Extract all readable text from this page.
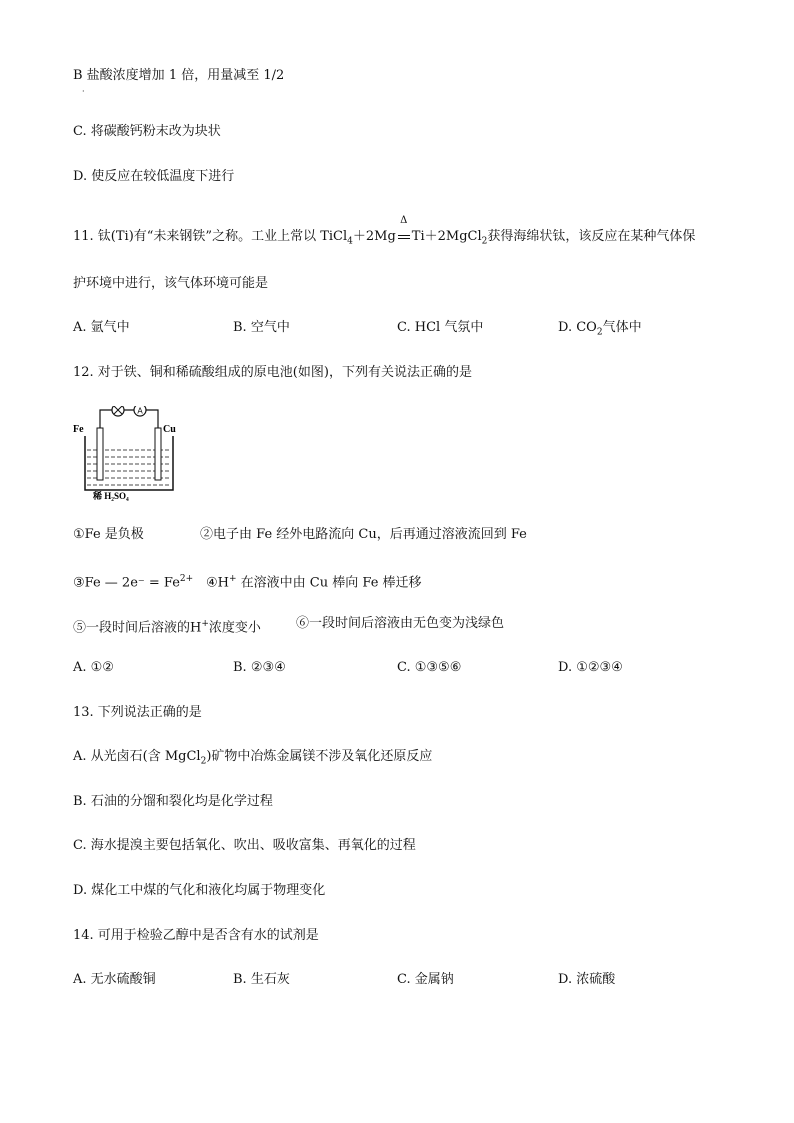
B 盐酸浓度增加 1 倍，用量减至 1/2
·
C. 将碳酸钙粉末改为块状
D. 使反应在较低温度下进行
11. 钛(Ti)有“未来钢铁”之称。工业上常以 TiCl$_4$＋2Mg
Δ
Ti＋2MgCl$_2$获得海绵状钛，该反应在某种气体保
护环境中进行，该气体环境可能是
A. 氩气中	B. 空气中	C. HCl 气氛中	D. $CO_2$气体中
12. 对于铁、铜和稀硫酸组成的原电池(如图)，下列有关说法正确的是
A
Fe	Cu
稀 H₂SO₄
①Fe 是负极	②电子由 Fe 经外电路流向 Cu，后再通过溶液流回到 Fe
③Fe — $2e^- = Fe^{2+}$ ④H+ 在溶液中由 Cu 棒向 Fe 棒迁移
⑤一段时间后溶液的H+浓度变小	⑥一段时间后溶液由无色变为浅绿色
A. ①②	B. ②③④	C. ①③⑤⑥	D. ①②③④
13. 下列说法正确的是
A. 从光卤石(含 MgCl$_2$)矿物中冶炼金属镁不涉及氧化还原反应
B. 石油的分馏和裂化均是化学过程
C. 海水提溴主要包括氧化、吹出、吸收富集、再氧化的过程
D. 煤化工中煤的气化和液化均属于物理变化
14. 可用于检验乙醇中是否含有水的试剂是
A. 无水硫酸铜	B. 生石灰	C. 金属钠	D. 浓硫酸
